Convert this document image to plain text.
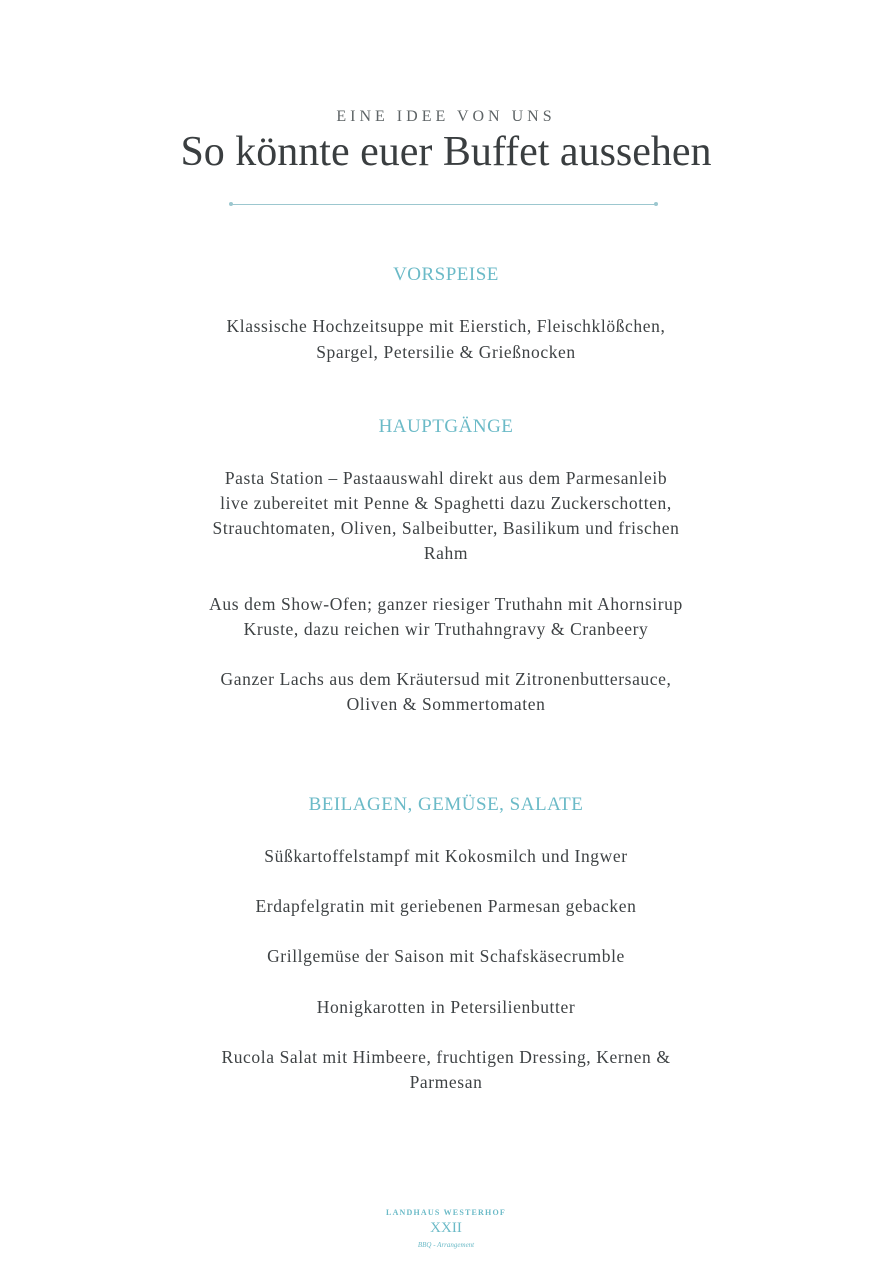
EINE IDEE VON UNS
So könnte euer Buffet aussehen
VORSPEISE
Klassische Hochzeitsuppe mit Eierstich, Fleischklößchen,
Spargel, Petersilie & Grießnocken
HAUPTGÄNGE
Pasta Station – Pastaauswahl direkt aus dem Parmesanleib
live zubereitet mit Penne & Spaghetti dazu Zuckerschotten,
Strauchtomaten, Oliven, Salbeibutter, Basilikum und frischen
Rahm
Aus dem Show-Ofen; ganzer riesiger Truthahn mit Ahornsirup
Kruste, dazu reichen wir Truthahngravy & Cranbeery
Ganzer Lachs aus dem Kräutersud mit Zitronenbuttersauce,
Oliven & Sommertomaten
BEILAGEN, GEMÜSE, SALATE
Süßkartoffelstampf mit Kokosmilch und Ingwer
Erdapfelgratin mit geriebenen Parmesan gebacken
Grillgemüse der Saison mit Schafskäsecrumble
Honigkarotten in Petersilienbutter
Rucola Salat mit Himbeere, fruchtigen Dressing, Kernen &
Parmesan
LANDHAUS WESTERHOF
XXII
BBQ - Arrangement
